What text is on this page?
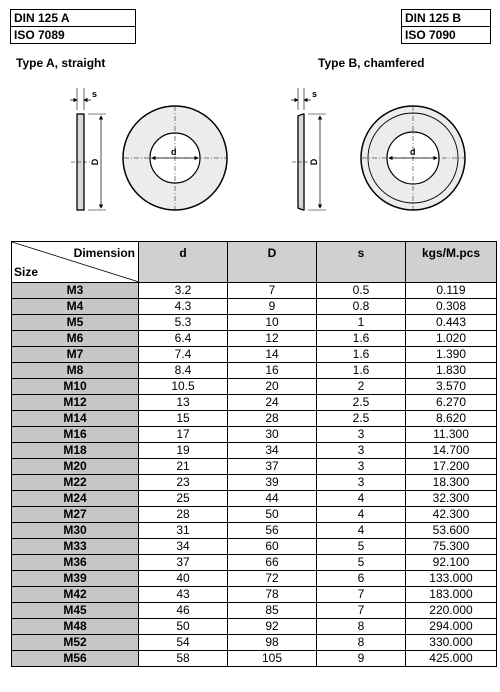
DIN 125 A
ISO 7089
DIN 125 B
ISO 7090
Type A, straight	Type B, chamfered
s
D
d
s
D
d
Dimension
Size	d	D	s	kgs/M.pcs
M3	3.2	7	0.5	0.119
M4	4.3	9	0.8	0.308
M5	5.3	10	1	0.443
M6	6.4	12	1.6	1.020
M7	7.4	14	1.6	1.390
M8	8.4	16	1.6	1.830
M10	10.5	20	2	3.570
M12	13	24	2.5	6.270
M14	15	28	2.5	8.620
M16	17	30	3	11.300
M18	19	34	3	14.700
M20	21	37	3	17.200
M22	23	39	3	18.300
M24	25	44	4	32.300
M27	28	50	4	42.300
M30	31	56	4	53.600
M33	34	60	5	75.300
M36	37	66	5	92.100
M39	40	72	6	133.000
M42	43	78	7	183.000
M45	46	85	7	220.000
M48	50	92	8	294.000
M52	54	98	8	330.000
M56	58	105	9	425.000
